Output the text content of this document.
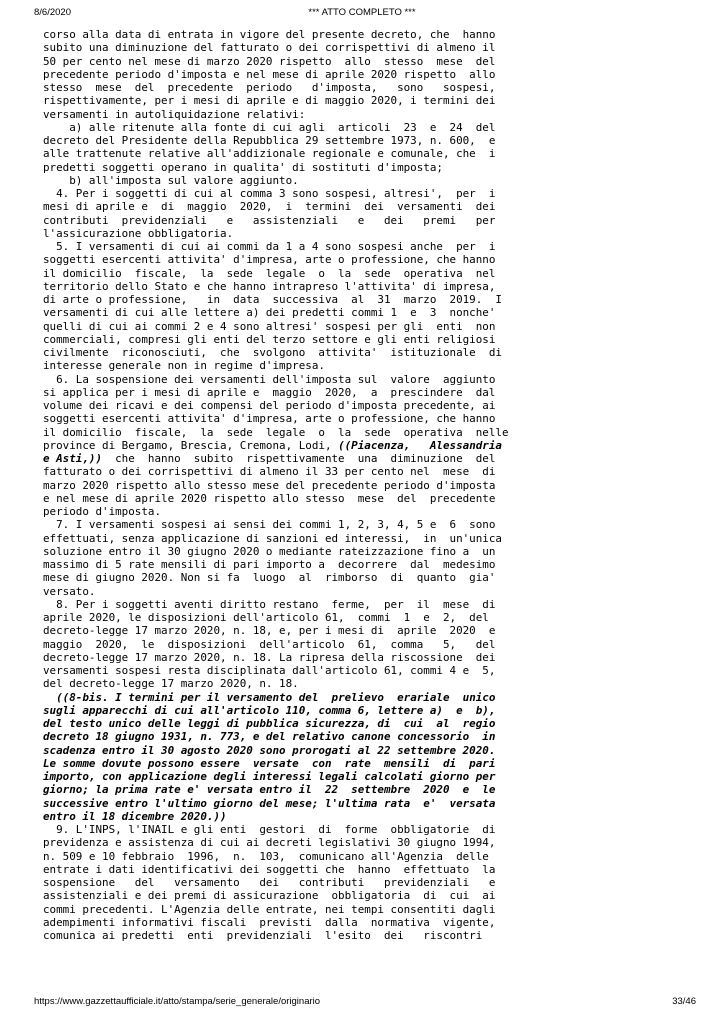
8/6/2020	*** ATTO COMPLETO ***
corso alla data di entrata in vigore del presente decreto, che  hanno
subito una diminuzione del fatturato o dei corrispettivi di almeno il
50 per cento nel mese di marzo 2020 rispetto  allo  stesso  mese  del
precedente periodo d'imposta e nel mese di aprile 2020 rispetto  allo
stesso  mese  del  precedente  periodo   d'imposta,   sono   sospesi,
rispettivamente, per i mesi di aprile e di maggio 2020, i termini dei
versamenti in autoliquidazione relativi:
a) alle ritenute alla fonte di cui agli  articoli  23  e  24  del
decreto del Presidente della Repubblica 29 settembre 1973, n. 600,  e
alle trattenute relative all'addizionale regionale e comunale, che  i
predetti soggetti operano in qualita' di sostituti d'imposta;
b) all'imposta sul valore aggiunto.
4. Per i soggetti di cui al comma 3 sono sospesi, altresi',  per  i
mesi di aprile e  di  maggio  2020,  i  termini  dei  versamenti  dei
contributi  previdenziali   e   assistenziali   e   dei   premi   per
l'assicurazione obbligatoria.
5. I versamenti di cui ai commi da 1 a 4 sono sospesi anche  per  i
soggetti esercenti attivita' d'impresa, arte o professione, che hanno
il domicilio  fiscale,  la  sede  legale  o  la  sede  operativa  nel
territorio dello Stato e che hanno intrapreso l'attivita' di impresa,
di arte o professione,   in  data  successiva  al  31  marzo  2019.  I
versamenti di cui alle lettere a) dei predetti commi 1  e  3  nonche'
quelli di cui ai commi 2 e 4 sono altresi' sospesi per gli  enti  non
commerciali, compresi gli enti del terzo settore e gli enti religiosi
civilmente  riconosciuti,  che  svolgono  attivita'  istituzionale  di
interesse generale non in regime d'impresa.
6. La sospensione dei versamenti dell'imposta sul  valore  aggiunto
si applica per i mesi di aprile e  maggio  2020,  a  prescindere  dal
volume dei ricavi e dei compensi del periodo d'imposta precedente, ai
soggetti esercenti attivita' d'impresa, arte o professione, che hanno
il domicilio  fiscale,  la  sede  legale  o  la  sede  operativa  nelle
province di Bergamo, Brescia, Cremona, Lodi, ((Piacenza,   Alessandria
e Asti,))  che  hanno  subito  rispettivamente  una  diminuzione  del
fatturato o dei corrispettivi di almeno il 33 per cento nel  mese  di
marzo 2020 rispetto allo stesso mese del precedente periodo d'imposta
e nel mese di aprile 2020 rispetto allo stesso  mese  del  precedente
periodo d'imposta.
7. I versamenti sospesi ai sensi dei commi 1, 2, 3, 4, 5 e  6  sono
effettuati, senza applicazione di sanzioni ed interessi,  in  un'unica
soluzione entro il 30 giugno 2020 o mediante rateizzazione fino a  un
massimo di 5 rate mensili di pari importo a  decorrere  dal  medesimo
mese di giugno 2020. Non si fa  luogo  al  rimborso  di  quanto  gia'
versato.
8. Per i soggetti aventi diritto restano  ferme,  per  il  mese  di
aprile 2020, le disposizioni dell'articolo 61,  commi  1  e  2,  del
decreto-legge 17 marzo 2020, n. 18, e, per i mesi di  aprile  2020  e
maggio  2020,  le  disposizioni  dell'articolo  61,  comma   5,   del
decreto-legge 17 marzo 2020, n. 18. La ripresa della riscossione  dei
versamenti sospesi resta disciplinata dall'articolo 61, commi 4 e  5,
del decreto-legge 17 marzo 2020, n. 18.
((8-bis. I termini per il versamento del  prelievo  erariale  unico
sugli apparecchi di cui all'articolo 110, comma 6, lettere a)  e  b),
del testo unico delle leggi di pubblica sicurezza, di  cui  al  regio
decreto 18 giugno 1931, n. 773, e del relativo canone concessorio  in
scadenza entro il 30 agosto 2020 sono prorogati al 22 settembre 2020.
Le somme dovute possono essere  versate  con  rate  mensili  di  pari
importo, con applicazione degli interessi legali calcolati giorno per
giorno; la prima rate e' versata entro il  22  settembre  2020  e  le
successive entro l'ultimo giorno del mese; l'ultima rata  e'  versata
entro il 18 dicembre 2020.))
9. L'INPS, l'INAIL e gli enti  gestori  di  forme  obbligatorie  di
previdenza e assistenza di cui ai decreti legislativi 30 giugno 1994,
n. 509 e 10 febbraio  1996,  n.  103,  comunicano all'Agenzia  delle
entrate i dati identificativi dei soggetti che  hanno  effettuato  la
sospensione   del   versamento   dei   contributi   previdenziali   e
assistenziali e dei premi di assicurazione  obbligatoria  di  cui  ai
commi precedenti. L'Agenzia delle entrate, nei tempi consentiti dagli
adempimenti informativi fiscali  previsti  dalla  normativa  vigente,
comunica ai predetti  enti  previdenziali  l'esito  dei   riscontri
https://www.gazzettaufficiale.it/atto/stampa/serie_generale/originario	33/46
